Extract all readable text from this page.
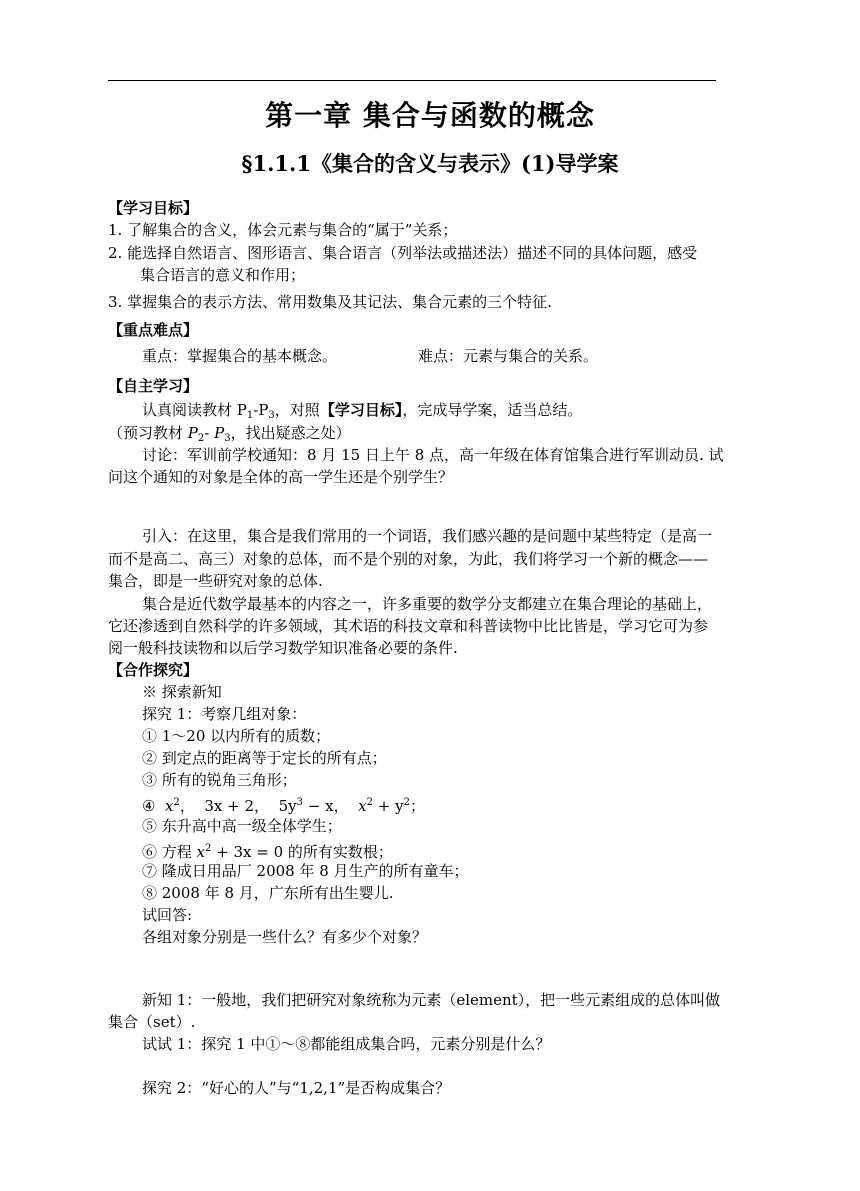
第一章 集合与函数的概念
§1.1.1《集合的含义与表示》(1)导学案
【学习目标】
1. 了解集合的含义，体会元素与集合的“属于”关系；
2. 能选择自然语言、图形语言、集合语言（列举法或描述法）描述不同的具体问题，感受
集合语言的意义和作用；
3. 掌握集合的表示方法、常用数集及其记法、集合元素的三个特征.
【重点难点】
重点：掌握集合的基本概念。	难点：元素与集合的关系。
【自主学习】
认真阅读教材 $P_1-P_3$，对照【学习目标】，完成导学案，适当总结。
（预习教材 $P_2-$ $P_3$，找出疑惑之处）
讨论：军训前学校通知：8 月 15 日上午 8 点，高一年级在体育馆集合进行军训动员. 试
问这个通知的对象是全体的高一学生还是个别学生？
引入：在这里，集合是我们常用的一个词语，我们感兴趣的是问题中某些特定（是高一
而不是高二、高三）对象的总体，而不是个别的对象，为此，我们将学习一个新的概念——
集合，即是一些研究对象的总体.
集合是近代数学最基本的内容之一，许多重要的数学分支都建立在集合理论的基础上，
它还渗透到自然科学的许多领域，其术语的科技文章和科普读物中比比皆是，学习它可为参
阅一般科技读物和以后学习数学知识准备必要的条件.
【合作探究】
※ 探索新知
探究 1：考察几组对象：
① 1～20 以内所有的质数；
② 到定点的距离等于定长的所有点；
③ 所有的锐角三角形；
④ $x^2$，  3x + 2， $5y^3 - x$， $x^2 + y^2$；
⑤ 东升高中高一级全体学生；
⑥ 方程 $x^2 + 3x = 0$ 的所有实数根；
⑦ 隆成日用品厂 2008 年 8 月生产的所有童车；
⑧ 2008 年 8 月，广东所有出生婴儿.
试回答:
各组对象分别是一些什么？有多少个对象？
新知 1：一般地，我们把研究对象统称为元素（element），把一些元素组成的总体叫做
集合（set）.
试试 1：探究 1 中①～⑧都能组成集合吗，元素分别是什么？
探究 2：“好心的人”与“1,2,1”是否构成集合？
